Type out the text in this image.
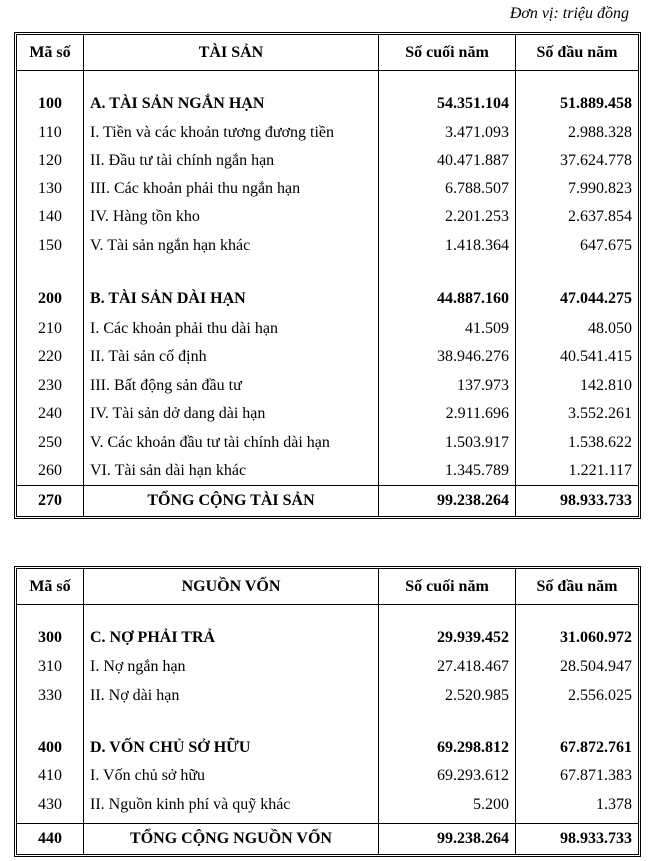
Đơn vị: triệu đồng
Mã số	TÀI SẢN	Số cuối năm	Số đầu năm
100	A. TÀI SẢN NGẮN HẠN	54.351.104	51.889.458
110	I. Tiền và các khoản tương đương tiền	3.471.093	2.988.328
120	II. Đầu tư tài chính ngắn hạn	40.471.887	37.624.778
130	III. Các khoản phải thu ngắn hạn	6.788.507	7.990.823
140	IV. Hàng tồn kho	2.201.253	2.637.854
150	V. Tài sản ngắn hạn khác	1.418.364	647.675
200	B. TÀI SẢN DÀI HẠN	44.887.160	47.044.275
210	I. Các khoản phải thu dài hạn	41.509	48.050
220	II. Tài sản cố định	38.946.276	40.541.415
230	III. Bất động sản đầu tư	137.973	142.810
240	IV. Tài sản dở dang dài hạn	2.911.696	3.552.261
250	V. Các khoản đầu tư tài chính dài hạn	1.503.917	1.538.622
260	VI. Tài sản dài hạn khác	1.345.789	1.221.117
270	TỔNG CỘNG TÀI SẢN	99.238.264	98.933.733
Mã số	NGUỒN VỐN	Số cuối năm	Số đầu năm
300	C. NỢ PHẢI TRẢ	29.939.452	31.060.972
310	I. Nợ ngắn hạn	27.418.467	28.504.947
330	II. Nợ dài hạn	2.520.985	2.556.025
400	D. VỐN CHỦ SỞ HỮU	69.298.812	67.872.761
410	I. Vốn chủ sở hữu	69.293.612	67.871.383
430	II. Nguồn kinh phí và quỹ khác	5.200	1.378
440	TỔNG CỘNG NGUỒN VỐN	99.238.264	98.933.733
